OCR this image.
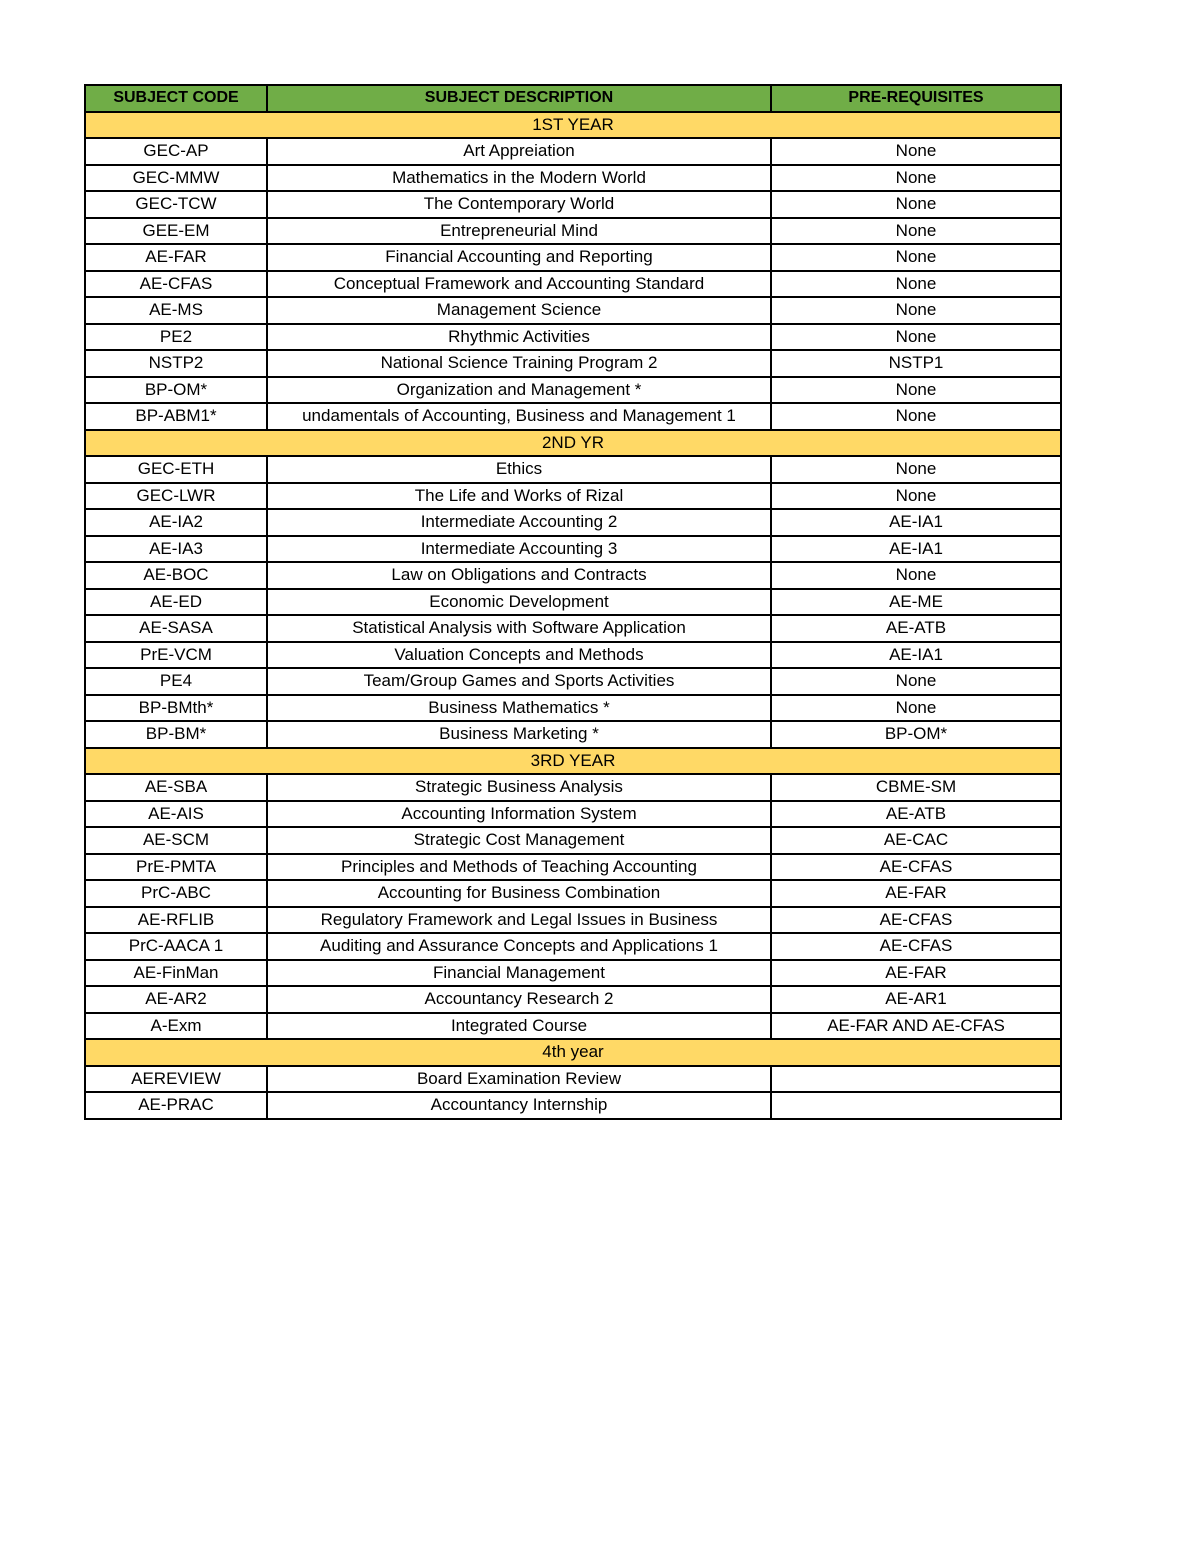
SUBJECT CODE	SUBJECT DESCRIPTION	PRE-REQUISITES
1ST YEAR		
GEC-AP	Art Appreiation	None
GEC-MMW	Mathematics in the Modern World	None
GEC-TCW	The Contemporary World	None
GEE-EM	Entrepreneurial Mind	None
AE-FAR	Financial Accounting and Reporting	None
AE-CFAS	Conceptual Framework and Accounting Standard	None
AE-MS	Management Science	None
PE2	Rhythmic Activities	None
NSTP2	National Science Training Program 2	NSTP1
BP-OM*	Organization and Management *	None
BP-ABM1*	undamentals of Accounting, Business and Management 1	None
2ND YR		
GEC-ETH	Ethics	None
GEC-LWR	The Life and Works of Rizal	None
AE-IA2	Intermediate Accounting 2	AE-IA1
AE-IA3	Intermediate Accounting 3	AE-IA1
AE-BOC	Law on Obligations and Contracts	None
AE-ED	Economic Development	AE-ME
AE-SASA	Statistical Analysis with Software Application	AE-ATB
PrE-VCM	Valuation Concepts and Methods	AE-IA1
PE4	Team/Group Games and Sports Activities	None
BP-BMth*	Business Mathematics *	None
BP-BM*	Business Marketing *	BP-OM*
3RD YEAR		
AE-SBA	Strategic Business Analysis	CBME-SM
AE-AIS	Accounting Information System	AE-ATB
AE-SCM	Strategic Cost Management	AE-CAC
PrE-PMTA	Principles and Methods of Teaching Accounting	AE-CFAS
PrC-ABC	Accounting for Business Combination	AE-FAR
AE-RFLIB	Regulatory Framework and Legal Issues in Business	AE-CFAS
PrC-AACA 1	Auditing and Assurance Concepts and Applications 1	AE-CFAS
AE-FinMan	Financial Management	AE-FAR
AE-AR2	Accountancy Research 2	AE-AR1
A-Exm	Integrated Course	AE-FAR AND AE-CFAS
4th year		
AEREVIEW	Board Examination Review	
AE-PRAC	Accountancy Internship	
